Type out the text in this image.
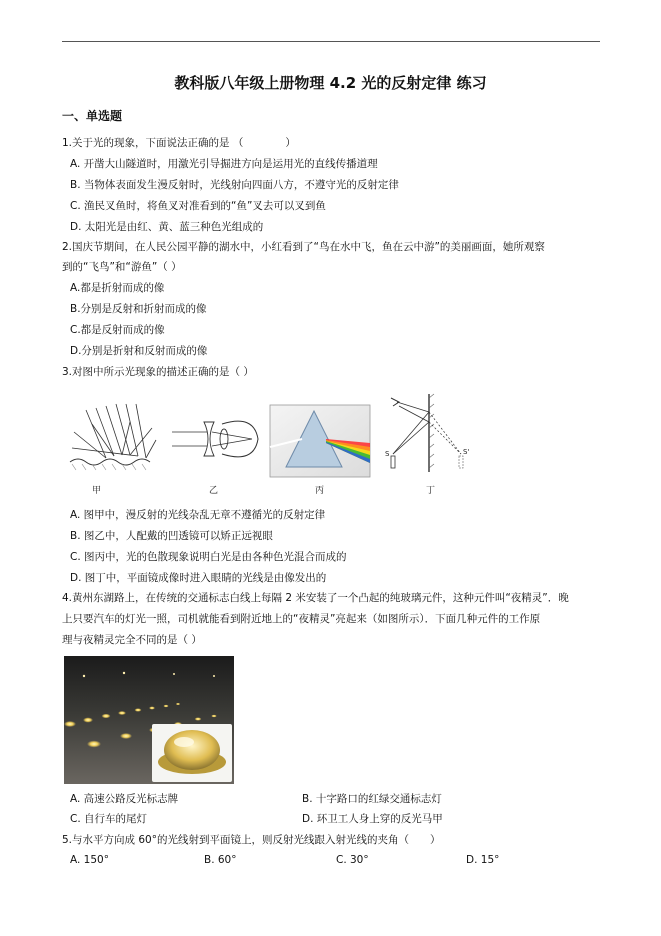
教科版八年级上册物理 4.2 光的反射定律 练习
一、单选题
1.关于光的现象，下面说法正确的是 （　　　　）
A. 开凿大山隧道时，用激光引导掘进方向是运用光的直线传播道理
B. 当物体表面发生漫反射时，光线射向四面八方，不遵守光的反射定律
C. 渔民叉鱼时，将鱼叉对准看到的“鱼”叉去可以叉到鱼
D. 太阳光是由红、黄、蓝三种色光组成的
2.国庆节期间，在人民公园平静的湖水中，小红看到了“鸟在水中飞，鱼在云中游”的美丽画面，她所观察
到的“飞鸟”和“游鱼”（ ）
A.都是折射而成的像
B.分别是反射和折射而成的像
C.都是反射而成的像
D.分别是折射和反射而成的像
3.对图中所示光现象的描述正确的是（ ）
甲	乙	丙
S	S'
丁
A. 图甲中，漫反射的光线杂乱无章不遵循光的反射定律
B. 图乙中，人配戴的凹透镜可以矫正远视眼
C. 图丙中，光的色散现象说明白光是由各种色光混合而成的
D. 图丁中，平面镜成像时进入眼睛的光线是由像发出的
4.黄州东湖路上，在传统的交通标志白线上每隔 2 米安装了一个凸起的纯玻璃元件，这种元件叫“夜精灵”．晚
上只要汽车的灯光一照，司机就能看到附近地上的“夜精灵”亮起来（如图所示）．下面几种元件的工作原
理与夜精灵完全不同的是（ ）
A. 高速公路反光标志牌	B. 十字路口的红绿交通标志灯
C. 自行车的尾灯	D. 环卫工人身上穿的反光马甲
5.与水平方向成 60°的光线射到平面镜上，则反射光线跟入射光线的夹角（　　）
A. 150°	B. 60°	C. 30°	D. 15°
